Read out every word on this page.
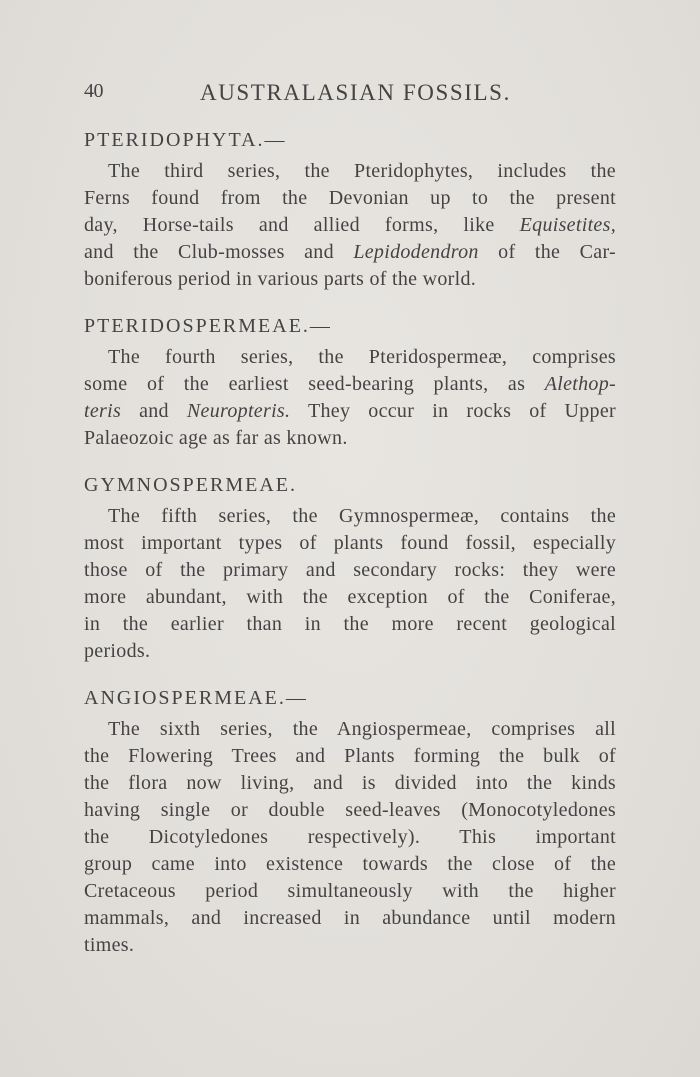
40	AUSTRALASIAN FOSSILS.
PTERIDOPHYTA.—
The third series, the Pteridophytes, includes the
Ferns found from the Devonian up to the present
day, Horse-tails and allied forms, like Equisetites,
and the Club-mosses and Lepidodendron of the Car-
boniferous period in various parts of the world.
PTERIDOSPERMEAE.—
The fourth series, the Pteridospermeæ, comprises
some of the earliest seed-bearing plants, as Alethop-
teris and Neuropteris. They occur in rocks of Upper
Palaeozoic age as far as known.
GYMNOSPERMEAE.
The fifth series, the Gymnospermeæ, contains the
most important types of plants found fossil, especially
those of the primary and secondary rocks: they were
more abundant, with the exception of the Coniferae,
in the earlier than in the more recent geological
periods.
ANGIOSPERMEAE.—
The sixth series, the Angiospermeae, comprises all
the Flowering Trees and Plants forming the bulk of
the flora now living, and is divided into the kinds
having single or double seed-leaves (Monocotyledones
the Dicotyledones respectively). This important
group came into existence towards the close of the
Cretaceous period simultaneously with the higher
mammals, and increased in abundance until modern
times.
